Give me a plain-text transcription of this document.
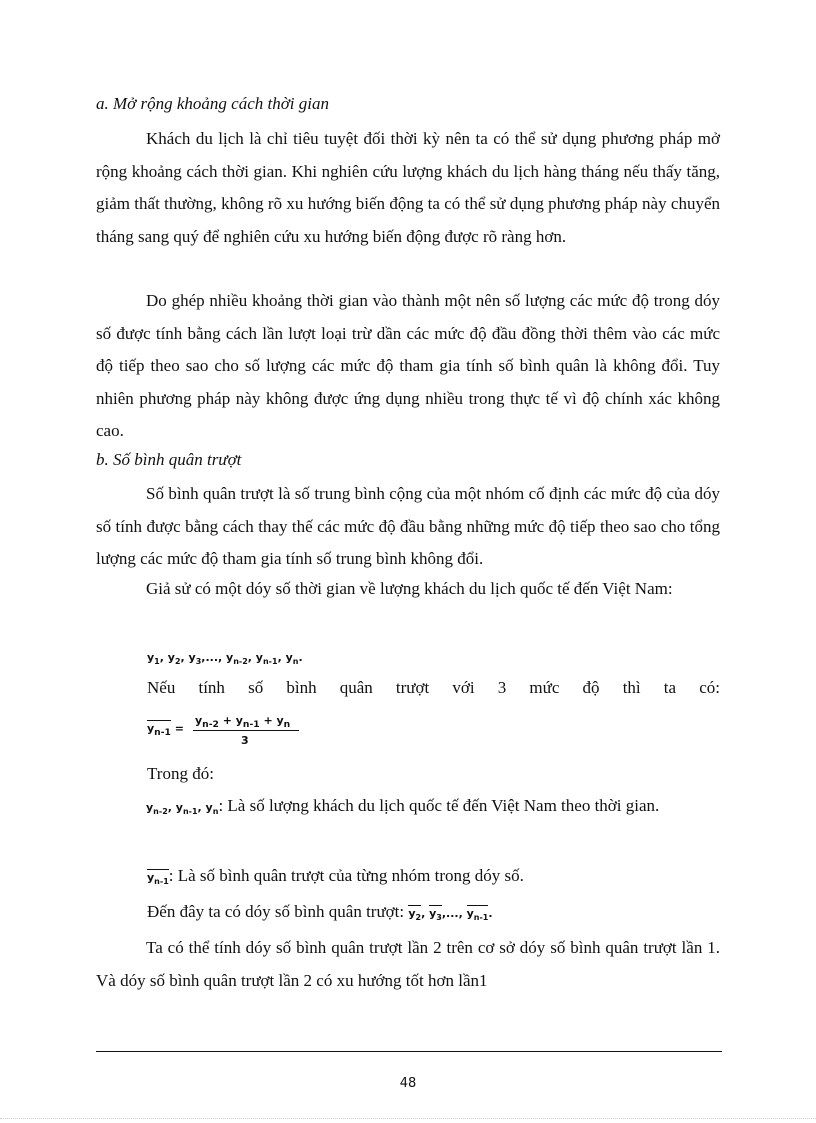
a. Mở rộng khoảng cách thời gian

Khách du lịch là chỉ tiêu tuyệt đối thời kỳ nên ta có thể sử dụng phương pháp mở rộng khoảng cách thời gian. Khi nghiên cứu lượng khách du lịch hàng tháng nếu thấy tăng, giảm thất thường, không rõ xu hướng biến động ta có thể sử dụng phương pháp này chuyển tháng sang quý để nghiên cứu xu hướng biến động được rõ ràng hơn.

Do ghép nhiều khoảng thời gian vào thành một nên số lượng các mức độ trong dóy số được tính bằng cách lần lượt loại trừ dần các mức độ đầu đồng thời thêm vào các mức độ tiếp theo sao cho số lượng các mức độ tham gia tính số bình quân là không đổi. Tuy nhiên phương pháp này không được ứng dụng nhiều trong thực tế vì độ chính xác không cao.

b. Số bình quân trượt

Số bình quân trượt là số trung bình cộng của một nhóm cố định các mức độ của dóy số tính được bằng cách thay thế các mức độ đầu bằng những mức độ tiếp theo sao cho tổng lượng các mức độ tham gia tính số trung bình không đổi.

Giả sử có một dóy số thời gian về lượng khách du lịch quốc tế đến Việt Nam:

$y_1$, $y_2$, $y_3$,..., $y_{n-2}$, $y_{n-1}$, $y_n$.

Nếu tính số bình quân trượt với 3 mức độ thì ta có:

$y_{n-1}$ =
$y_{n-2} + y_{n-1} + y_n$
3
Trong đó:

$y_{n-2}$, $y_{n-1}$, $y_n$: Là số lượng khách du lịch quốc tế đến Việt Nam theo thời gian.

$y_{n-1}$: Là số bình quân trượt của từng nhóm trong dóy số.
Đến đây ta có dóy số bình quân trượt: $y_2$, $y_3$,..., $y_{n-1}$.

Ta có thể tính dóy số bình quân trượt lần 2 trên cơ sở dóy số bình quân trượt lần 1. Và dóy số bình quân trượt lần 2 có xu hướng tốt hơn lần1

48
